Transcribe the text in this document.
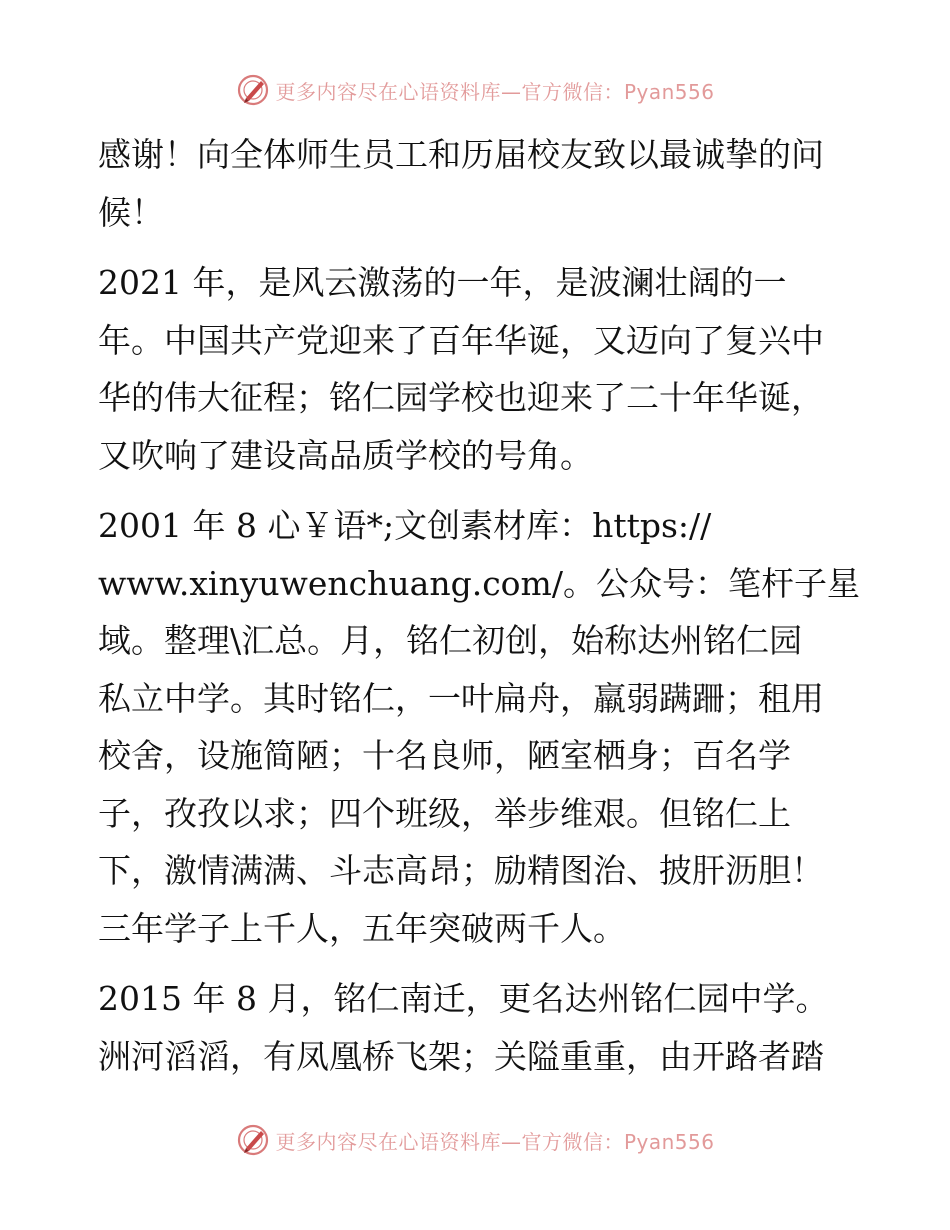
更多内容尽在心语资料库—官方微信：Pyan556
感谢！向全体师生员工和历届校友致以最诚挚的问
候！
2021 年，是风云激荡的一年，是波澜壮阔的一
年。中国共产党迎来了百年华诞，又迈向了复兴中
华的伟大征程；铭仁园学校也迎来了二十年华诞，
又吹响了建设高品质学校的号角。
2001 年 8 心￥语*;文创素材库：https://
www.xinyuwenchuang.com/。公众号：笔杆子星
域。整理\汇总。月，铭仁初创，始称达州铭仁园
私立中学。其时铭仁，一叶扁舟，羸弱蹒跚；租用
校舍，设施简陋；十名良师，陋室栖身；百名学
子，孜孜以求；四个班级，举步维艰。但铭仁上
下，激情满满、斗志高昂；励精图治、披肝沥胆！
三年学子上千人，五年突破两千人。
2015 年 8 月，铭仁南迁，更名达州铭仁园中学。
洲河滔滔，有凤凰桥飞架；关隘重重，由开路者踏
更多内容尽在心语资料库—官方微信：Pyan556
